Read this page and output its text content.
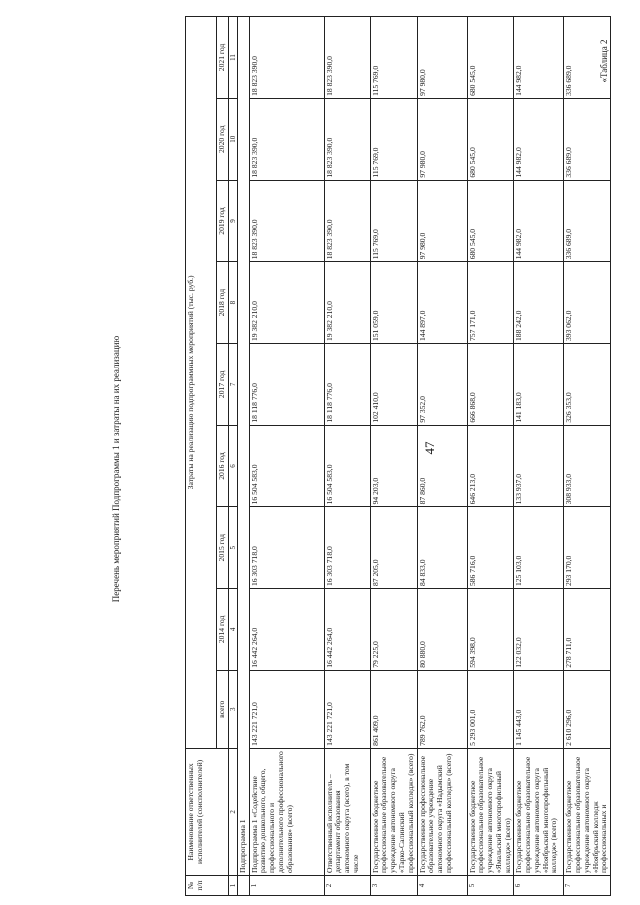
47
«Таблица 2
Перечень мероприятий Подпрограммы 1 и затраты на их реализацию
№ п/п	Наименование ответственных исполнителей (соисполнителей)	Затраты на реализацию подпрограммных мероприятий (тыс. руб.)								
		всего	2014 год	2015 год	2016 год	2017 год	2018 год	2019 год	2020 год	2021 год
1	2	3	4	5	6	7	8	9	10	11
	Подпрограмма 1									
1	Подпрограмма 1 «Содействие развитию дошкольного, общего, профессионального и дополнительного профессионального образования» (всего)	143 221 721,0	16 442 264,0	16 303 718,0	16 504 583,0	18 118 776,0	19 382 210,0	18 823 390,0	18 823 390,0	18 823 390,0
2	Ответственный исполнитель – департамент образования автономного округа (всего), в том числе	143 221 721,0	16 442 264,0	16 303 718,0	16 504 583,0	18 118 776,0	19 382 210,0	18 823 390,0	18 823 390,0	18 823 390,0
3	Государственное бюджетное профессиональное образовательное учреждение автономного округа «Тарко-Салинский профессиональный колледж» (всего)	861 409,0	79 225,0	87 205,0	94 203,0	102 410,0	151 059,0	115 769,0	115 769,0	115 769,0
4	Государственное профессиональное образовательное учреждение автономного округа «Надымский профессиональный колледж» (всего)	789 762,0	80 880,0	84 833,0	87 860,0	97 352,0	144 897,0	97 980,0	97 980,0	97 980,0
5	Государственное бюджетное профессиональное образовательное учреждение автономного округа «Ямальский многопрофильный колледж» (всего)	5 293 001,0	594 398,0	586 716,0	646 213,0	666 868,0	757 171,0	680 545,0	680 545,0	680 545,0
6	Государственное бюджетное профессиональное образовательное учреждение автономного округа «Ноябрьский многопрофильный колледж» (всего)	1 145 443,0	122 032,0	125 103,0	133 937,0	141 183,0	188 242,0	144 982,0	144 982,0	144 982,0
7	Государственное бюджетное профессиональное образовательное учреждение автономного округа «Ноябрьский колледж профессиональных и	2 610 296,0	278 711,0	293 170,0	308 933,0	326 353,0	393 062,0	336 689,0	336 689,0	336 689,0
